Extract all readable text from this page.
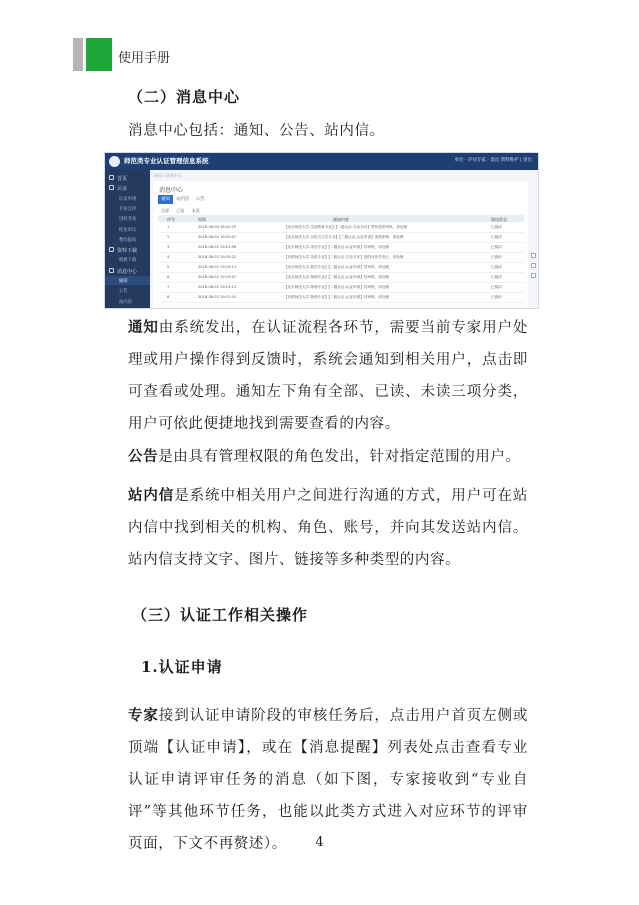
使用手册
（二）消息中心
消息中心包括：通知、公告、站内信。
师范类专业认证管理信息系统	单位 · 评估专家 · 退出 资料维护 | 退出
首页
认证
认证申请
专业自评
进校考查
结论审议
整改提高
资料下载
模板下载
消息中心
通知
公告
站内信
首页 / 消息中心
消息中心
通知	站内信	公告
全部 已读 未读
序号	时间	通知内容	阅读状态
1	2018-06-04 18:20:25	【北京师范大学-学前教育专业】【二级认证-专业自评】等待您的审核，请处理	已阅读
2	2018-06-04 18:20:07	【北京师范大学-汉语言文学专业】【二级认证-认证申请】请您审核，请处理	已阅读
3	2018-06-02 19:21:56	【北京师范大学-英语专业】【二级认证-认证申请】待审核，请处理	已阅读
4	2018-06-02 19:20:22	【首都师范大学-英语专业】【二级认证-专业自评】您的评估任务已，请处理	已阅读
5	2018-06-02 19:19:13	【北京师范大学-数学专业】【二级认证-认证申请】待审核，请处理	已阅读
6	2018-06-02 19:19:07	【北京师范大学-物理专业】【二级认证-认证申请】待审核，请处理	已阅读
7	2018-06-02 19:13:11	【北京师范大学-物理专业】【二级认证-认证申请】待审核，请处理	已阅读
8	2018-06-02 19:12:41	【首都师范大学-物理专业】【二级认证-认证申请】待审核，请处理	已阅读
通知由系统发出，在认证流程各环节，需要当前专家用户处理或用户操作得到反馈时，系统会通知到相关用户，点击即可查看或处理。通知左下角有全部、已读、未读三项分类，用户可依此便捷地找到需要查看的内容。
公告是由具有管理权限的角色发出，针对指定范围的用户。
站内信是系统中相关用户之间进行沟通的方式，用户可在站内信中找到相关的机构、角色、账号，并向其发送站内信。站内信支持文字、图片、链接等多种类型的内容。
（三）认证工作相关操作
1.认证申请
专家接到认证申请阶段的审核任务后，点击用户首页左侧或顶端【认证申请】，或在【消息提醒】列表处点击查看专业认证申请评审任务的消息（如下图，专家接收到“专业自评”等其他环节任务，也能以此类方式进入对应环节的评审页面，下文不再赘述）。	4
